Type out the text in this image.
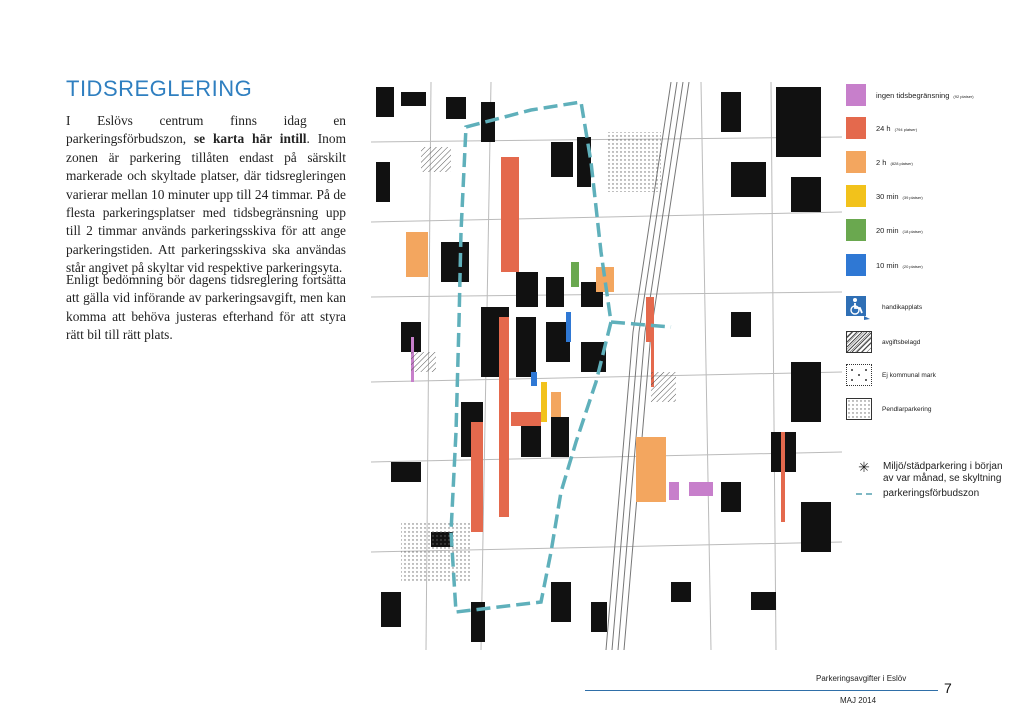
TIDSREGLERING

I Eslövs centrum finns idag en parkeringsförbudszon, se karta här intill. Inom zonen är parkering tillåten endast på särskilt markerade och skyltade platser, där tidsregleringen varierar mellan 10 minuter upp till 24 timmar. På de flesta parkeringsplatser med tidsbegränsning upp till 2 timmar används parkeringsskiva för att ange parkeringstiden. Att parkeringsskiva ska användas står angivet på skyltar vid respektive parkeringsyta.

Enligt bedömning bör dagens tidsreglering fortsätta att gälla vid införande av parkeringsavgift, men kan komma att behöva justeras efterhand för att styra rätt bil till rätt plats.

ingen tidsbegränsning (92 platser)
24 h (794 platser)
2 h (828 platser)
30 min (39 platser)
20 min (18 platser)
10 min (20 platser)
handikapplats
avgiftsbelagd
Ej kommunal mark
Pendlarparkering
✳	Miljö/städparkering i början av var månad, se skyltning
parkeringsförbudszon
Parkeringsavgifter i Eslöv
MAJ 2014
7
